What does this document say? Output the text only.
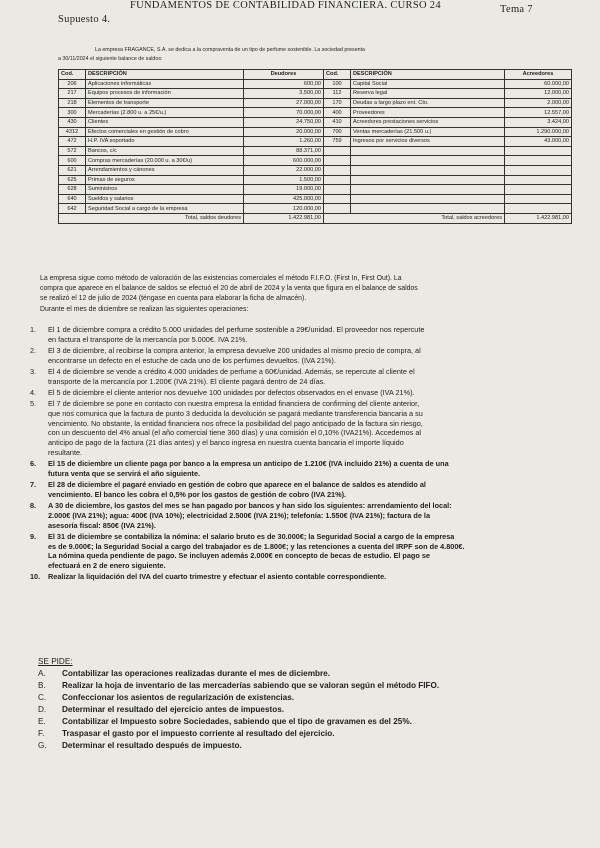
FUNDAMENTOS DE CONTABILIDAD FINANCIERA. CURSO 24
Supuesto 4.
Tema 7
La empresa FRAGANCE, S.A. se dedica a la compraventa de un tipo de perfume sostenible. La sociedad presenta
a 30/11/2024 el siguiente balance de saldos:
Cod.	DESCRIPCIÓN	Deudores	Cod.	DESCRIPCIÓN	Acreedores
206	Aplicaciones informáticas	600,00	100	Capital Social	60.000,00
217	Equipos procesos de información	3.500,00	112	Reserva legal	12.000,00
218	Elementos de transporte	27.000,00	170	Deudas a largo plazo ent. Cto.	2.000,00
300	Mercaderías (2.800 u. a 25€/u.)	70.000,00	400	Proveedores	12.557,00
430	Clientes	24.750,00	410	Acreedores prestaciones servicios	3.424,00
4312	Efectos comerciales en gestión de cobro	20.000,00	700	Ventas mercaderías (21.500 u.)	1.290.000,00
472	H.P. IVA soportado	1.260,00	759	Ingresos por servicios diversos	43.000,00
572	Bancos, c/c	88.371,00			
600	Compras mercaderías (20.000 u. a 30€/u)	600.000,00			
621	Arrendamientos y cánones	22.000,00			
625	Primas de seguros	1.500,00			
628	Suministros	19.000,00			
640	Sueldos y salarios	425.000,00			
642	Seguridad Social a cargo de la empresa	120.000,00			
Total, saldos deudores		1.422.981,00	Total, saldos acreedores		1.422.981,00
La empresa sigue como método de valoración de las existencias comerciales el método F.I.F.O. (First In, First Out). La
compra que aparece en el balance de saldos se efectuó el 20 de abril de 2024 y la venta que figura en el balance de saldos
se realizó el 12 de julio de 2024 (téngase en cuenta para elaborar la ficha de almacén).
Durante el mes de diciembre se realizan las siguientes operaciones:
1. El 1 de diciembre compra a crédito 5.000 unidades del perfume sostenible a 29€/unidad. El proveedor nos repercute
en factura el transporte de la mercancía por 5.000€. IVA 21%.
2. El 3 de diciembre, al recibirse la compra anterior, la empresa devuelve 200 unidades al mismo precio de compra, al
encontrarse un defecto en el estuche de cada uno de los perfumes devueltos. (IVA 21%).
3. El 4 de diciembre se vende a crédito 4.000 unidades de perfume a 60€/unidad. Además, se repercute al cliente el
transporte de la mercancía por 1.200€ (IVA 21%). El cliente pagará dentro de 24 días.
4. El 5 de diciembre el cliente anterior nos devuelve 100 unidades por defectos observados en el envase (IVA 21%).
5. El 7 de diciembre se pone en contacto con nuestra empresa la entidad financiera de confirming del cliente anterior,
que nos comunica que la factura de punto 3 deducida la devolución se pagará mediante transferencia bancaria a su
vencimiento. No obstante, la entidad financiera nos ofrece la posibilidad del pago anticipado de la factura sin riesgo,
con un descuento del 4% anual (el año comercial tiene 360 días) y una comisión el 0,10% (IVA21%). Accedemos al
anticipo de pago de la factura (21 días antes) y el banco ingresa en nuestra cuenta bancaria el importe líquido
resultante.
6. El 15 de diciembre un cliente paga por banco a la empresa un anticipo de 1.210€ (IVA incluido 21%) a cuenta de una
futura venta que se servirá el año siguiente.
7. El 28 de diciembre el pagaré enviado en gestión de cobro que aparece en el balance de saldos es atendido al
vencimiento. El banco les cobra el 0,5% por los gastos de gestión de cobro (IVA 21%).
8. A 30 de diciembre, los gastos del mes se han pagado por bancos y han sido los siguientes: arrendamiento del local:
2.000€ (IVA 21%); agua: 400€ (IVA 10%); electricidad 2.500€ (IVA 21%); telefonía: 1.550€ (IVA 21%); factura de la
asesoría fiscal: 850€ (IVA 21%).
9. El 31 de diciembre se contabiliza la nómina: el salario bruto es de 30.000€; la Seguridad Social a cargo de la empresa
es de 9.000€; la Seguridad Social a cargo del trabajador es de 1.800€; y las retenciones a cuenta del IRPF son de 4.800€.
La nómina queda pendiente de pago. Se incluyen además 2.000€ en concepto de becas de estudio. El pago se
efectuará en 2 de enero siguiente.
10. Realizar la liquidación del IVA del cuarto trimestre y efectuar el asiento contable correspondiente.
SE PIDE:
A. Contabilizar las operaciones realizadas durante el mes de diciembre.
B. Realizar la hoja de inventario de las mercaderías sabiendo que se valoran según el método FIFO.
C. Confeccionar los asientos de regularización de existencias.
D. Determinar el resultado del ejercicio antes de impuestos.
E. Contabilizar el Impuesto sobre Sociedades, sabiendo que el tipo de gravamen es del 25%.
F. Traspasar el gasto por el impuesto corriente al resultado del ejercicio.
G. Determinar el resultado después de impuesto.
